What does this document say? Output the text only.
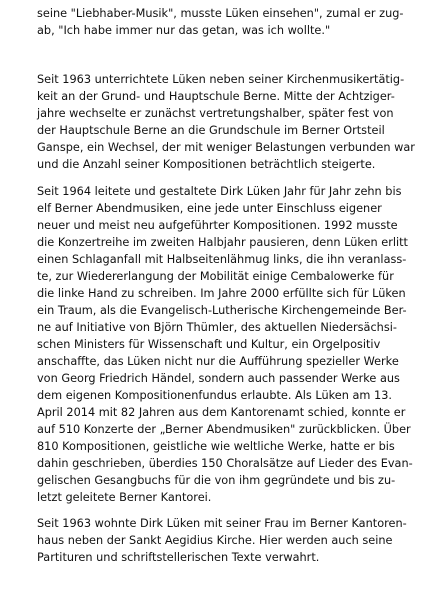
seine "Liebhaber-Musik", musste Lüken einsehen", zumal er zug-
ab, "Ich habe immer nur das getan, was ich wollte."

Seit 1963 unterrichtete Lüken neben seiner Kirchenmusikertätig-
keit an der Grund- und Hauptschule Berne. Mitte der Achtziger-
jahre wechselte er zunächst vertretungshalber, später fest von
der Hauptschule Berne an die Grundschule im Berner Ortsteil
Ganspe, ein Wechsel, der mit weniger Belastungen verbunden war
und die Anzahl seiner Kompositionen beträchtlich steigerte.

Seit 1964 leitete und gestaltete Dirk Lüken Jahr für Jahr zehn bis
elf Berner Abendmusiken, eine jede unter Einschluss eigener
neuer und meist neu aufgeführter Kompositionen. 1992 musste
die Konzertreihe im zweiten Halbjahr pausieren, denn Lüken erlitt
einen Schlaganfall mit Halbseitenlähmug links, die ihn veranlass-
te, zur Wiedererlangung der Mobilität einige Cembalowerke für
die linke Hand zu schreiben. Im Jahre 2000 erfüllte sich für Lüken
ein Traum, als die Evangelisch-Lutherische Kirchengemeinde Ber-
ne auf Initiative von Björn Thümler, des aktuellen Niedersächsi-
schen Ministers für Wissenschaft und Kultur, ein Orgelpositiv
anschaffte, das Lüken nicht nur die Aufführung spezieller Werke
von Georg Friedrich Händel, sondern auch passender Werke aus
dem eigenen Kompositionenfundus erlaubte. Als Lüken am 13.
April 2014 mit 82 Jahren aus dem Kantorenamt schied, konnte er
auf 510 Konzerte der „Berner Abendmusiken" zurückblicken. Über
810 Kompositionen, geistliche wie weltliche Werke, hatte er bis
dahin geschrieben, überdies 150 Choralsätze auf Lieder des Evan-
gelischen Gesangbuchs für die von ihm gegründete und bis zu-
letzt geleitete Berner Kantorei.

Seit 1963 wohnte Dirk Lüken mit seiner Frau im Berner Kantoren-
haus neben der Sankt Aegidius Kirche. Hier werden auch seine
Partituren und schriftstellerischen Texte verwahrt.
